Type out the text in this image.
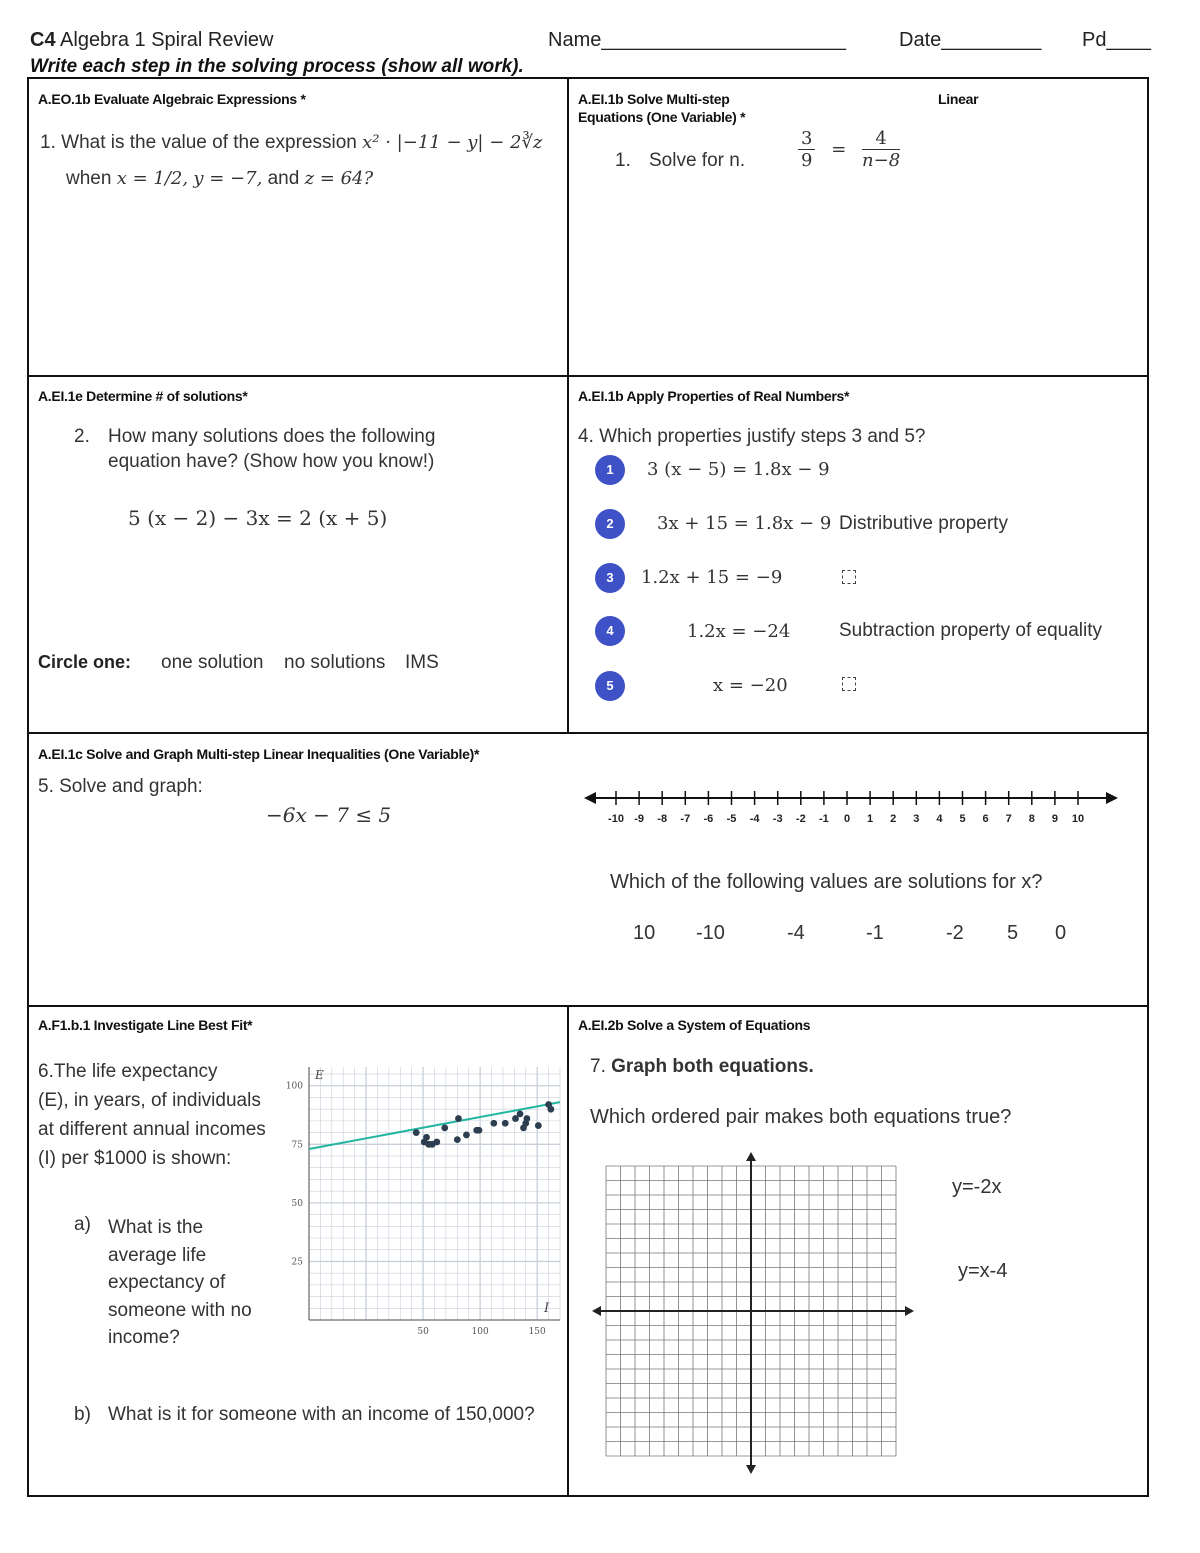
C4 Algebra 1 Spiral Review	Name______________________	Date_________ Pd____
Write each step in the solving process (show all work).
A.EO.1b Evaluate Algebraic Expressions *
1. What is the value of the expression x² · |−11 − y| − 2∛z
when x = 1/2, y = −7, and z = 64?
A.EI.1b Solve Multi-step
Equations (One Variable) *
Linear
1. Solve for n.	$\frac{3}{9} = \frac{4}{n-8}$
A.EI.1e Determine # of solutions*
2. How many solutions does the following
equation have? (Show how you know!)
5 (x − 2) − 3x = 2 (x + 5)
Circle one: one solution no solutions IMS
A.EI.1b Apply Properties of Real Numbers*
4. Which properties justify steps 3 and 5?
1	3 (x − 5) = 1.8x − 9
2	3x + 15 = 1.8x − 9 Distributive property
3	1.2x + 15 = −9
4	1.2x = −24	Subtraction property of equality
5	x = −20
A.EI.1c Solve and Graph Multi-step Linear Inequalities (One Variable)*
5. Solve and graph:
−6x − 7 ≤ 5	-10 -9 -8 -7 -6 -5 -4 -3 -2 -1 0 1 2 3 4 5 6 7 8 9 10
Which of the following values are solutions for x?
10 -10	-4	-1	-2 5 0
A.F1.b.1 Investigate Line Best Fit*
6.The life expectancy
(E), in years, of individuals
at different annual incomes
(I) per $1000 is shown:
a) What is the
average life
expectancy of
someone with no
income?
b) What is it for someone with an income of 150,000?
E
I
100
75
50
25
50	100	150
A.EI.2b Solve a System of Equations
7. Graph both equations.
Which ordered pair makes both equations true?
y=-2x
y=x-4
